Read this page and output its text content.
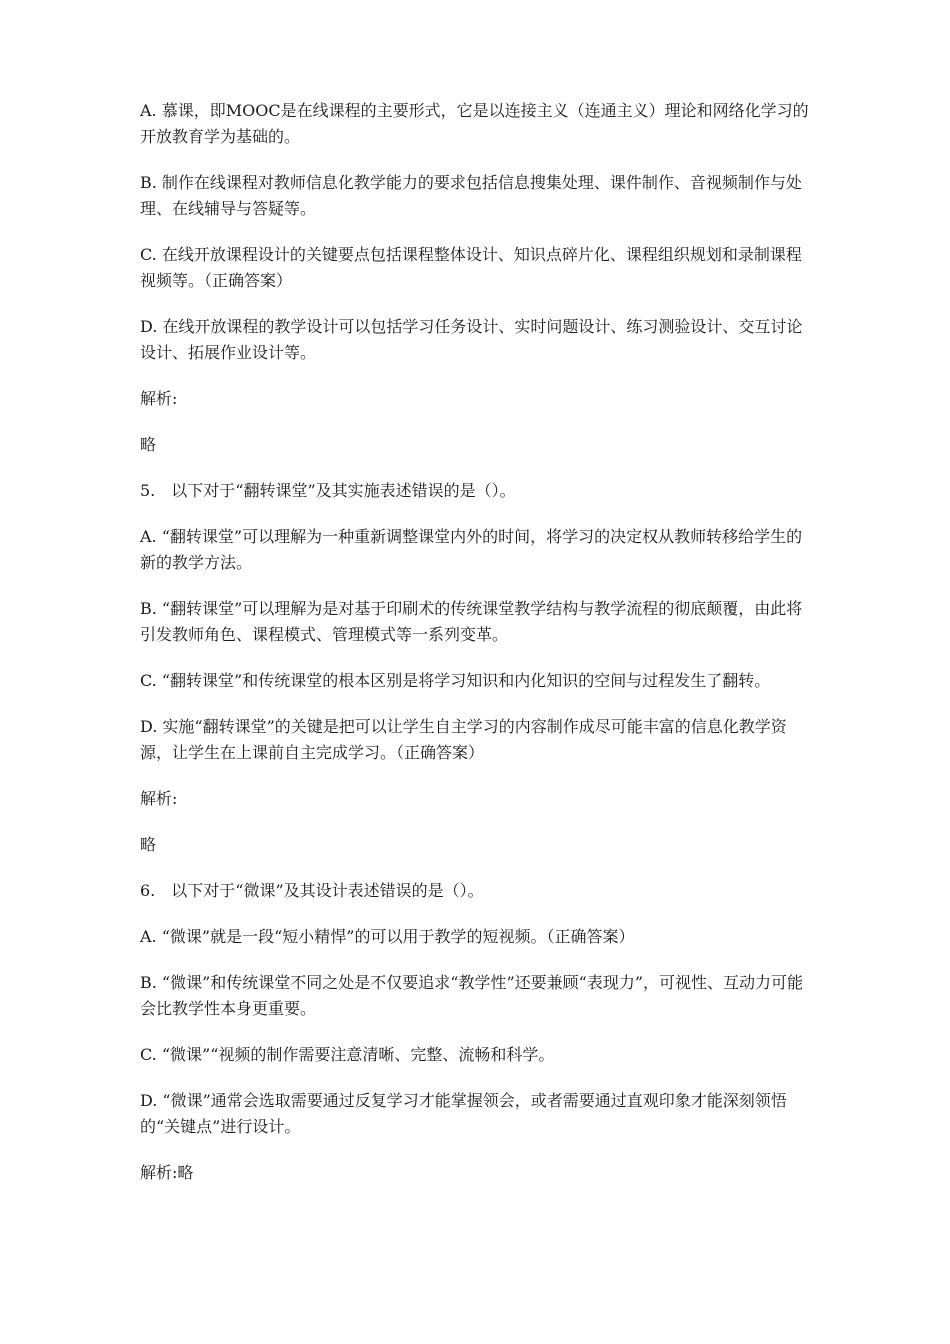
A. 慕课，即MOOC是在线课程的主要形式，它是以连接主义（连通主义）理论和网络化学习的开放教育学为基础的。

B. 制作在线课程对教师信息化教学能力的要求包括信息搜集处理、课件制作、音视频制作与处理、在线辅导与答疑等。

C. 在线开放课程设计的关键要点包括课程整体设计、知识点碎片化、课程组织规划和录制课程视频等。（正确答案）

D. 在线开放课程的教学设计可以包括学习任务设计、实时问题设计、练习测验设计、交互讨论设计、拓展作业设计等。

解析:

略

5.　以下对于“翻转课堂”及其实施表述错误的是（）。

A. “翻转课堂”可以理解为一种重新调整课堂内外的时间，将学习的决定权从教师转移给学生的新的教学方法。

B. “翻转课堂”可以理解为是对基于印刷术的传统课堂教学结构与教学流程的彻底颠覆，由此将引发教师角色、课程模式、管理模式等一系列变革。

C. “翻转课堂”和传统课堂的根本区别是将学习知识和内化知识的空间与过程发生了翻转。

D. 实施“翻转课堂”的关键是把可以让学生自主学习的内容制作成尽可能丰富的信息化教学资源，让学生在上课前自主完成学习。（正确答案）

解析:

略

6.　以下对于“微课”及其设计表述错误的是（）。

A. “微课”就是一段“短小精悍”的可以用于教学的短视频。（正确答案）

B. “微课”和传统课堂不同之处是不仅要追求“教学性”还要兼顾“表现力”，可视性、互动力可能会比教学性本身更重要。

C. “微课”“视频的制作需要注意清晰、完整、流畅和科学。

D. “微课”通常会选取需要通过反复学习才能掌握领会，或者需要通过直观印象才能深刻领悟的“关键点”进行设计。

解析:略
